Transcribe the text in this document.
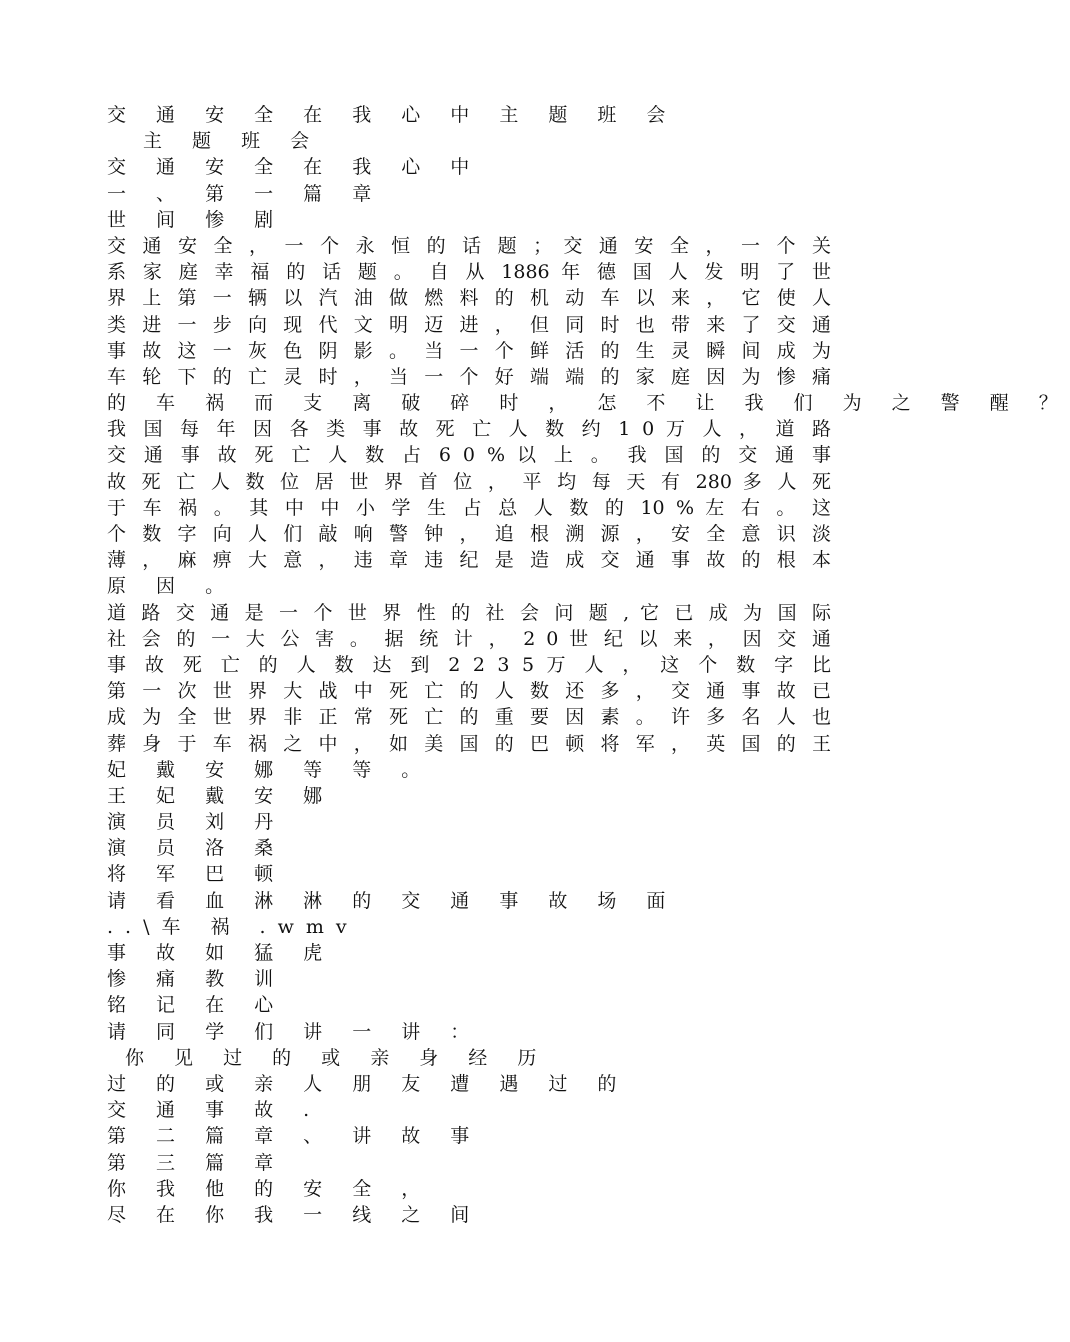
交 通 安 全 在 我 心 中 主 题 班 会
主 题 班 会
交 通 安 全 在 我 心 中
一 、 第 一 篇 章
世 间 惨 剧
交 通 安 全 ， 一 个 永 恒 的 话 题 ； 交 通 安 全 ， 一 个 关
系 家 庭 幸 福 的 话 题 。 自 从 1886 年 德 国 人 发 明 了 世
界 上 第 一 辆 以 汽 油 做 燃 料 的 机 动 车 以 来 ， 它 使 人
类 进 一 步 向 现 代 文 明 迈 进 ， 但 同 时 也 带 来 了 交 通
事 故 这 一 灰 色 阴 影 。 当 一 个 鲜 活 的 生 灵 瞬 间 成 为
车 轮 下 的 亡 灵 时 ， 当 一 个 好 端 端 的 家 庭 因 为 惨 痛
的 车 祸 而 支 离 破 碎 时 ， 怎 不 让 我 们 为 之 警 醒 ？
我 国 每 年 因 各 类 事 故 死 亡 人 数 约 1 0 万 人 ， 道 路
交 通 事 故 死 亡 人 数 占 6 0 % 以 上 。 我 国 的 交 通 事
故 死 亡 人 数 位 居 世 界 首 位 ， 平 均 每 天 有 280 多 人 死
于 车 祸 。 其 中 中 小 学 生 占 总 人 数 的 10 % 左 右 。 这
个 数 字 向 人 们 敲 响 警 钟 ， 追 根 溯 源 ， 安 全 意 识 淡
薄 ， 麻 痹 大 意 ， 违 章 违 纪 是 造 成 交 通 事 故 的 根 本
原 因 。
道 路 交 通 是 一 个 世 界 性 的 社 会 问 题 , 它 已 成 为 国 际
社 会 的 一 大 公 害 。 据 统 计 ， 2 0 世 纪 以 来 ， 因 交 通
事 故 死 亡 的 人 数 达 到 2 2 3 5 万 人 ， 这 个 数 字 比
第 一 次 世 界 大 战 中 死 亡 的 人 数 还 多 ， 交 通 事 故 已
成 为 全 世 界 非 正 常 死 亡 的 重 要 因 素 。 许 多 名 人 也
葬 身 于 车 祸 之 中 ， 如 美 国 的 巴 顿 将 军 ， 英 国 的 王
妃 戴 安 娜 等 等 。
王 妃 戴 安 娜
演 员 刘 丹
演 员 洛 桑
将 军 巴 顿
请 看 血 淋 淋 的 交 通 事 故 场 面
..\车 祸 .wmv
事 故 如 猛 虎
惨 痛 教 训
铭 记 在 心
请 同 学 们 讲 一 讲 ：
你 见 过 的 或 亲 身 经 历
过 的 或 亲 人 朋 友 遭 遇 过 的
交 通 事 故 .
第 二 篇 章 、 讲 故 事
第 三 篇 章
你 我 他 的 安 全 ，
尽 在 你 我 一 线 之 间
